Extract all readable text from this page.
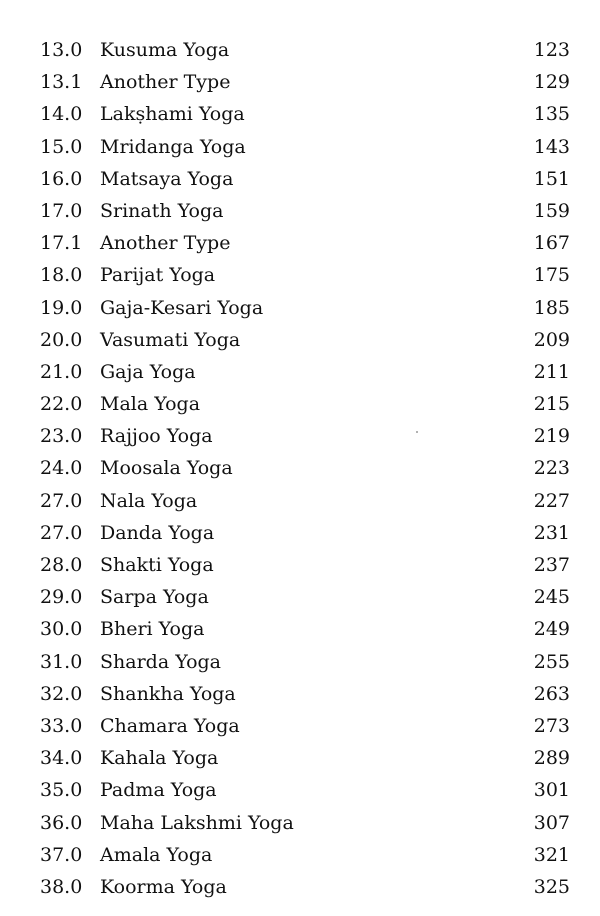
13.0 Kusuma Yoga	123
13.1 Another Type	129
14.0 Lakṣhami Yoga	135
15.0 Mridanga Yoga	143
16.0 Matsaya Yoga	151
17.0 Srinath Yoga	159
17.1 Another Type	167
18.0 Parijat Yoga	175
19.0 Gaja-Kesari Yoga	185
20.0 Vasumati Yoga	209
21.0 Gaja Yoga	211
22.0 Mala Yoga	215
23.0 Rajjoo Yoga	219
24.0 Moosala Yoga	223
27.0 Nala Yoga	227
27.0 Danda Yoga	231
28.0 Shakti Yoga	237
29.0 Sarpa Yoga	245
30.0 Bheri Yoga	249
31.0 Sharda Yoga	255
32.0 Shankha Yoga	263
33.0 Chamara Yoga	273
34.0 Kahala Yoga	289
35.0 Padma Yoga	301
36.0 Maha Lakshmi Yoga	307
37.0 Amala Yoga	321
38.0 Koorma Yoga	325
